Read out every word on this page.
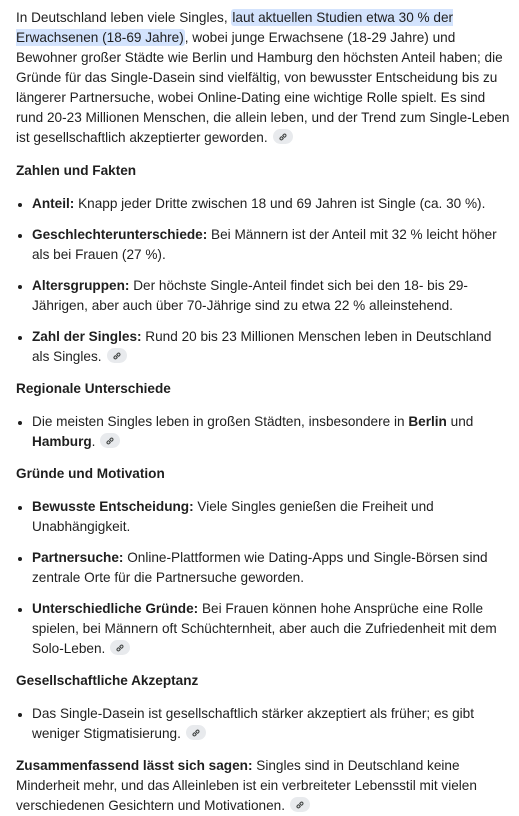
In Deutschland leben viele Singles, laut aktuellen Studien etwa 30 % der Erwachsenen (18-69 Jahre), wobei junge Erwachsene (18-29 Jahre) und Bewohner großer Städte wie Berlin und Hamburg den höchsten Anteil haben; die Gründe für das Single-Dasein sind vielfältig, von bewusster Entscheidung bis zu längerer Partnersuche, wobei Online-Dating eine wichtige Rolle spielt. Es sind rund 20-23 Millionen Menschen, die allein leben, und der Trend zum Single-Leben ist gesellschaftlich akzeptierter geworden.

Zahlen und Fakten
• Anteil: Knapp jeder Dritte zwischen 18 und 69 Jahren ist Single (ca. 30 %).
• Geschlechterunterschiede: Bei Männern ist der Anteil mit 32 % leicht höher als bei Frauen (27 %).
• Altersgruppen: Der höchste Single-Anteil findet sich bei den 18- bis 29-Jährigen, aber auch über 70-Jährige sind zu etwa 22 % alleinstehend.
• Zahl der Singles: Rund 20 bis 23 Millionen Menschen leben in Deutschland als Singles.
Regionale Unterschiede
• Die meisten Singles leben in großen Städten, insbesondere in Berlin und Hamburg.
Gründe und Motivation
• Bewusste Entscheidung: Viele Singles genießen die Freiheit und Unabhängigkeit.
• Partnersuche: Online-Plattformen wie Dating-Apps und Single-Börsen sind zentrale Orte für die Partnersuche geworden.
• Unterschiedliche Gründe: Bei Frauen können hohe Ansprüche eine Rolle spielen, bei Männern oft Schüchternheit, aber auch die Zufriedenheit mit dem Solo-Leben.
Gesellschaftliche Akzeptanz
• Das Single-Dasein ist gesellschaftlich stärker akzeptiert als früher; es gibt weniger Stigmatisierung.

Zusammenfassend lässt sich sagen: Singles sind in Deutschland keine Minderheit mehr, und das Alleinleben ist ein verbreiteter Lebensstil mit vielen verschiedenen Gesichtern und Motivationen.
